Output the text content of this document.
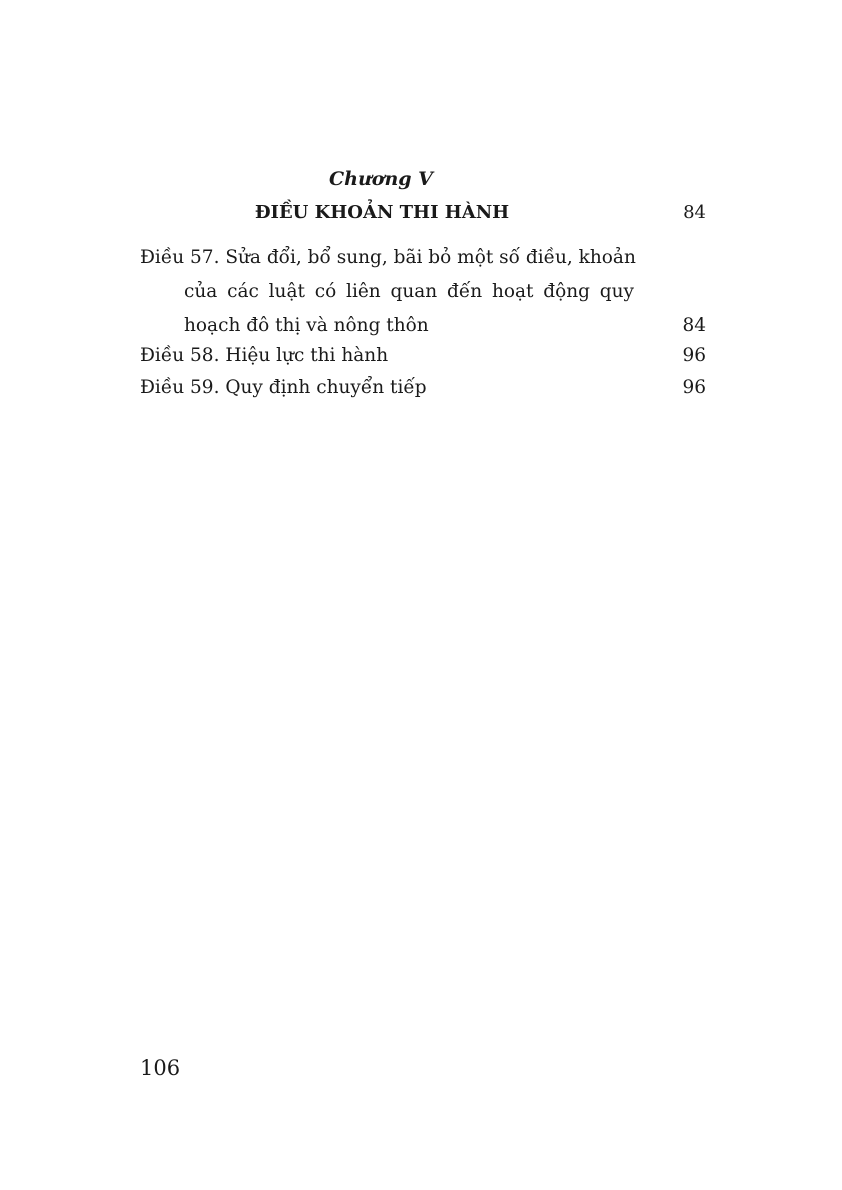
Chương V
ĐIỀU KHOẢN THI HÀNH	84
Điều 57. Sửa đổi, bổ sung, bãi bỏ một số điều, khoản
của các luật có liên quan đến hoạt động quy
hoạch đô thị và nông thôn	84
Điều 58. Hiệu lực thi hành	96
Điều 59. Quy định chuyển tiếp	96
106
